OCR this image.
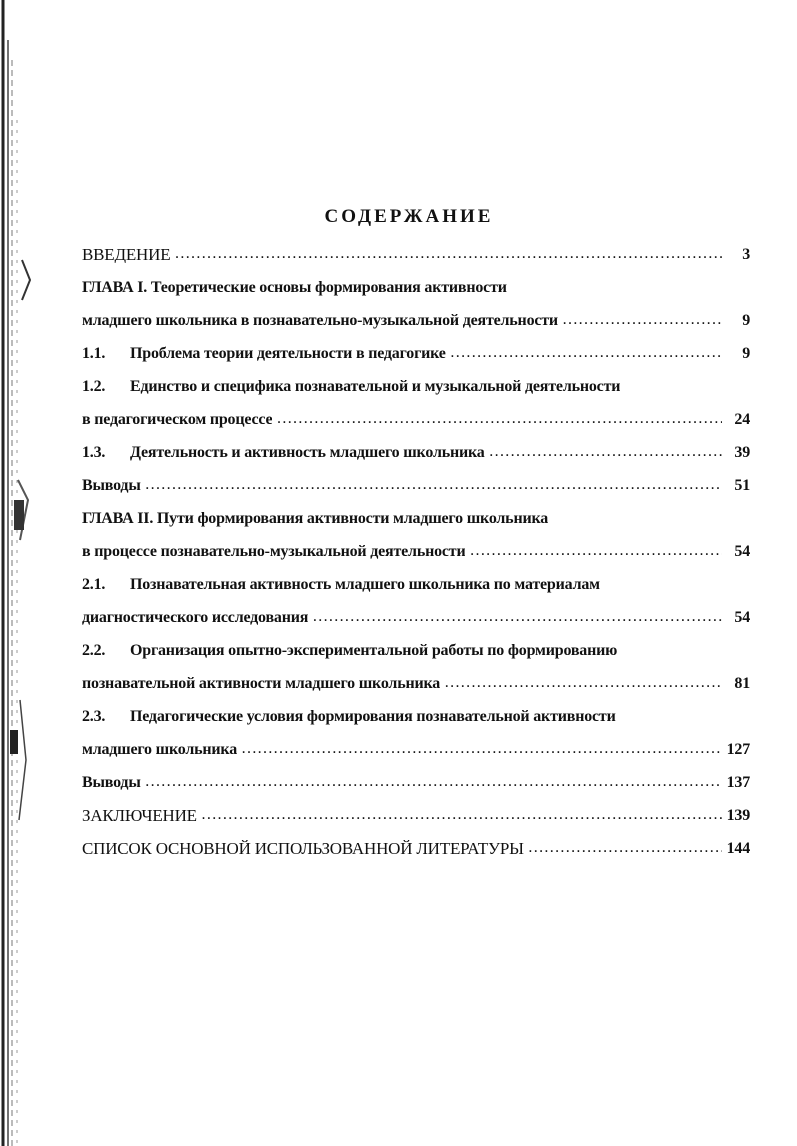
СОДЕРЖАНИЕ
ВВЕДЕНИЕ ……………………………………………………………………………………………………………………………………………………………………………	3
ГЛАВА I. Теоретические основы формирования активности
младшего школьника в познавательно-музыкальной деятельности ……………………………………………………………………………………………………………………………………………………………………………	9
1.1.	Проблема теории деятельности в педагогике ……………………………………………………………………………………………………………………………………………………………………………	9
1.2.	Единство и специфика познавательной и музыкальной деятельности
в педагогическом процессе ……………………………………………………………………………………………………………………………………………………………………………	24
1.3.	Деятельность и активность младшего школьника ……………………………………………………………………………………………………………………………………………………………………………	39
Выводы ……………………………………………………………………………………………………………………………………………………………………………	51
ГЛАВА II. Пути формирования активности младшего школьника
в процессе познавательно-музыкальной деятельности ……………………………………………………………………………………………………………………………………………………………………………	54
2.1.	Познавательная активность младшего школьника по материалам
диагностического исследования ……………………………………………………………………………………………………………………………………………………………………………	54
2.2.	Организация опытно-экспериментальной работы по формированию
познавательной активности младшего школьника ……………………………………………………………………………………………………………………………………………………………………………	81
2.3.	Педагогические условия формирования познавательной активности
младшего школьника ……………………………………………………………………………………………………………………………………………………………………………	127
Выводы ……………………………………………………………………………………………………………………………………………………………………………	137
ЗАКЛЮЧЕНИЕ ……………………………………………………………………………………………………………………………………………………………………………	139
СПИСОК ОСНОВНОЙ ИСПОЛЬЗОВАННОЙ ЛИТЕРАТУРЫ ……………………………………………………………………………………………………………………………………………………………………………	144
